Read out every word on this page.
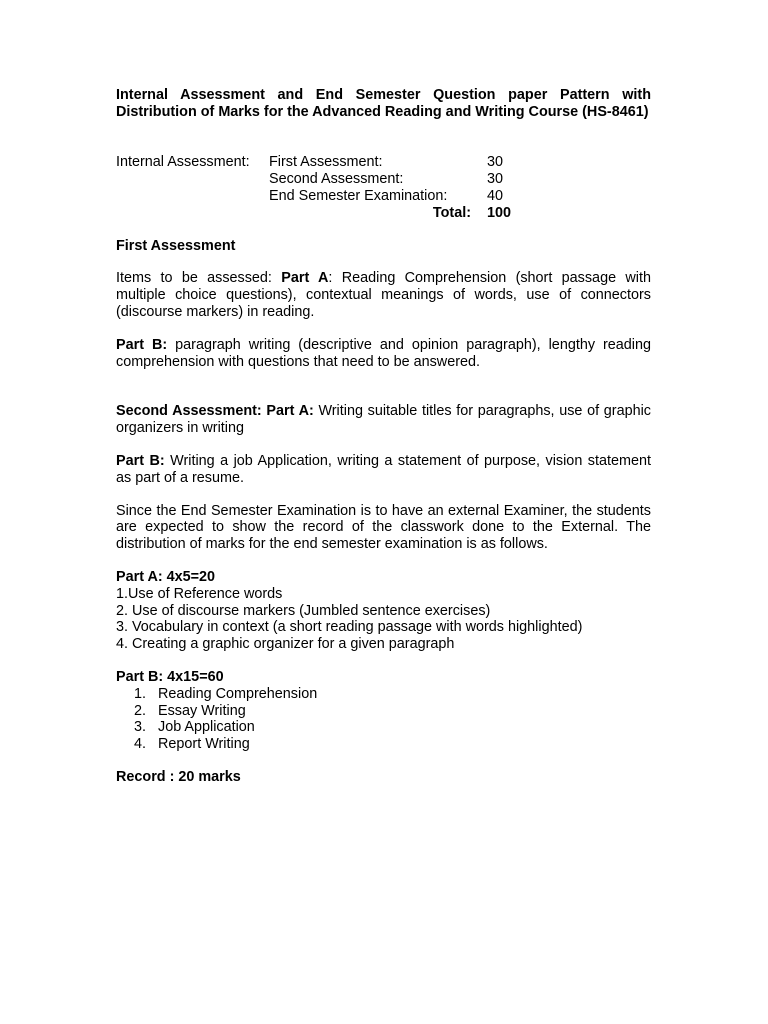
Internal Assessment and End Semester Question paper Pattern with Distribution of Marks for the Advanced Reading and Writing Course (HS-8461)

Internal Assessment: First Assessment:	30
Second Assessment:	30
End Semester Examination:	40
Total: 100

First Assessment

Items to be assessed: Part A: Reading Comprehension (short passage with multiple choice questions), contextual meanings of words, use of connectors (discourse markers) in reading.

Part B: paragraph writing (descriptive and opinion paragraph), lengthy reading comprehension with questions that need to be answered.

Second Assessment: Part A: Writing suitable titles for paragraphs, use of graphic organizers in writing

Part B: Writing a job Application, writing a statement of purpose, vision statement as part of a resume.

Since the End Semester Examination is to have an external Examiner, the students are expected to show the record of the classwork done to the External. The distribution of marks for the end semester examination is as follows.

Part A: 4x5=20

1.Use of Reference words
2. Use of discourse markers (Jumbled sentence exercises)
3. Vocabulary in context (a short reading passage with words highlighted)
4. Creating a graphic organizer for a given paragraph

Part B: 4x15=60

1. Reading Comprehension
2. Essay Writing
3. Job Application
4. Report Writing

Record : 20 marks
